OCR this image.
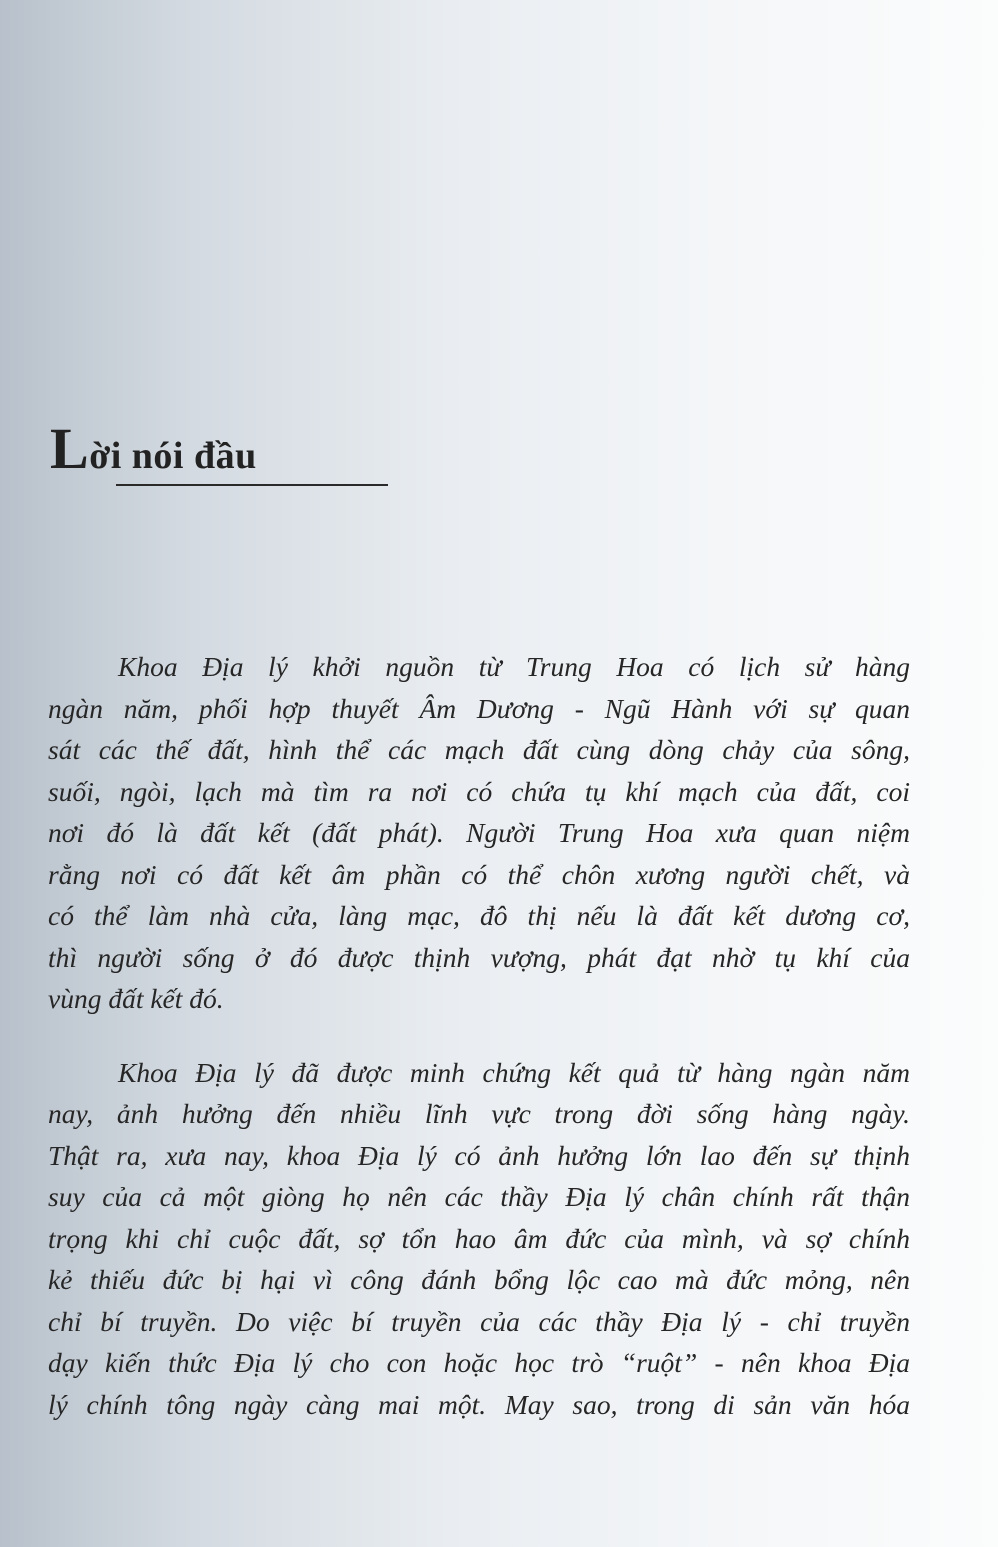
Lời nói đầu
Khoa Địa lý khởi nguồn từ Trung Hoa có lịch sử hàng
ngàn năm, phối hợp thuyết Âm Dương - Ngũ Hành với sự quan
sát các thế đất, hình thể các mạch đất cùng dòng chảy của sông,
suối, ngòi, lạch mà tìm ra nơi có chứa tụ khí mạch của đất, coi
nơi đó là đất kết (đất phát). Người Trung Hoa xưa quan niệm
rằng nơi có đất kết âm phần có thể chôn xương người chết, và
có thể làm nhà cửa, làng mạc, đô thị nếu là đất kết dương cơ,
thì người sống ở đó được thịnh vượng, phát đạt nhờ tụ khí của
vùng đất kết đó.
Khoa Địa lý đã được minh chứng kết quả từ hàng ngàn năm
nay, ảnh hưởng đến nhiều lĩnh vực trong đời sống hàng ngày.
Thật ra, xưa nay, khoa Địa lý có ảnh hưởng lớn lao đến sự thịnh
suy của cả một giòng họ nên các thầy Địa lý chân chính rất thận
trọng khi chỉ cuộc đất, sợ tổn hao âm đức của mình, và sợ chính
kẻ thiếu đức bị hại vì công đánh bổng lộc cao mà đức mỏng, nên
chỉ bí truyền. Do việc bí truyền của các thầy Địa lý - chỉ truyền
dạy kiến thức Địa lý cho con hoặc học trò “ruột” - nên khoa Địa
lý chính tông ngày càng mai một. May sao, trong di sản văn hóa
